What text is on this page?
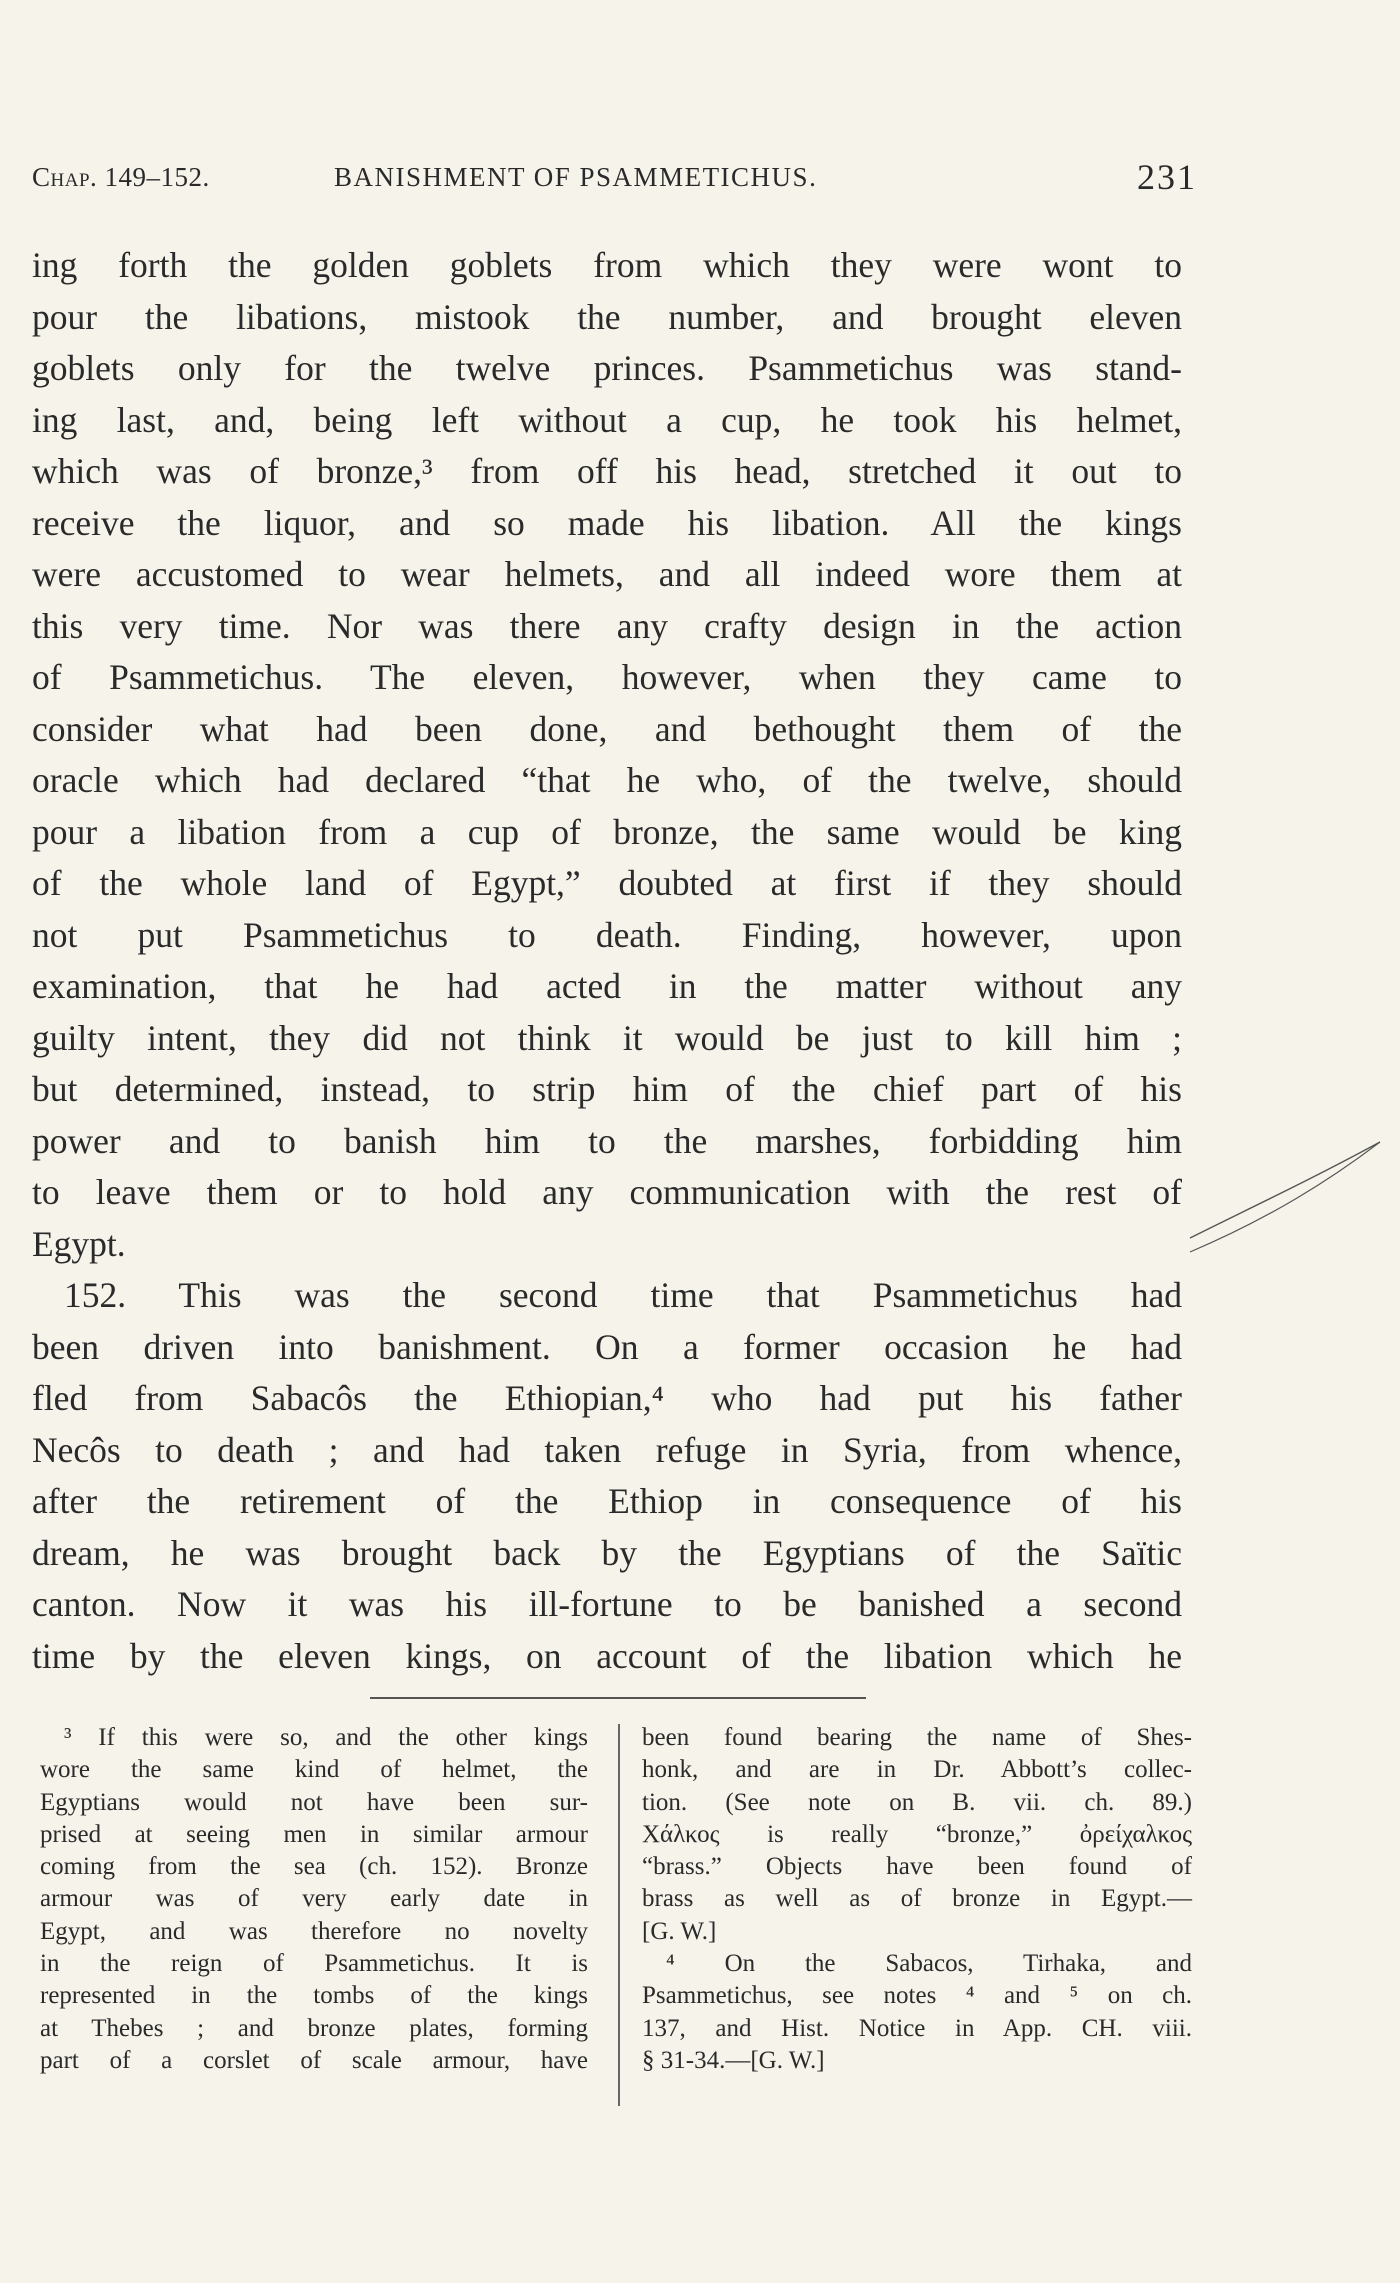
Chap. 149–152.	BANISHMENT OF PSAMMETICHUS.	231
ing forth the golden goblets from which they were wont to
pour the libations, mistook the number, and brought eleven
goblets only for the twelve princes. Psammetichus was stand-
ing last, and, being left without a cup, he took his helmet,
which was of bronze,³ from off his head, stretched it out to
receive the liquor, and so made his libation. All the kings
were accustomed to wear helmets, and all indeed wore them at
this very time. Nor was there any crafty design in the action
of Psammetichus. The eleven, however, when they came to
consider what had been done, and bethought them of the
oracle which had declared “that he who, of the twelve, should
pour a libation from a cup of bronze, the same would be king
of the whole land of Egypt,” doubted at first if they should
not put Psammetichus to death. Finding, however, upon
examination, that he had acted in the matter without any
guilty intent, they did not think it would be just to kill him ;
but determined, instead, to strip him of the chief part of his
power and to banish him to the marshes, forbidding him
to leave them or to hold any communication with the rest of
Egypt.
152. This was the second time that Psammetichus had
been driven into banishment. On a former occasion he had
fled from Sabacôs the Ethiopian,⁴ who had put his father
Necôs to death ; and had taken refuge in Syria, from whence,
after the retirement of the Ethiop in consequence of his
dream, he was brought back by the Egyptians of the Saïtic
canton. Now it was his ill-fortune to be banished a second
time by the eleven kings, on account of the libation which he
³ If this were so, and the other kings
wore the same kind of helmet, the
Egyptians would not have been sur-
prised at seeing men in similar armour
coming from the sea (ch. 152). Bronze
armour was of very early date in
Egypt, and was therefore no novelty
in the reign of Psammetichus. It is
represented in the tombs of the kings
at Thebes ; and bronze plates, forming
part of a corslet of scale armour, have
been found bearing the name of Shes-
honk, and are in Dr. Abbott’s collec-
tion. (See note on B. vii. ch. 89.)
Χάλκος is really “bronze,” ὀρείχαλκος
“brass.” Objects have been found of
brass as well as of bronze in Egypt.—
[G. W.]
⁴ On the Sabacos, Tirhaka, and
Psammetichus, see notes ⁴ and ⁵ on ch.
137, and Hist. Notice in App. CH. viii.
§ 31-34.—[G. W.]
